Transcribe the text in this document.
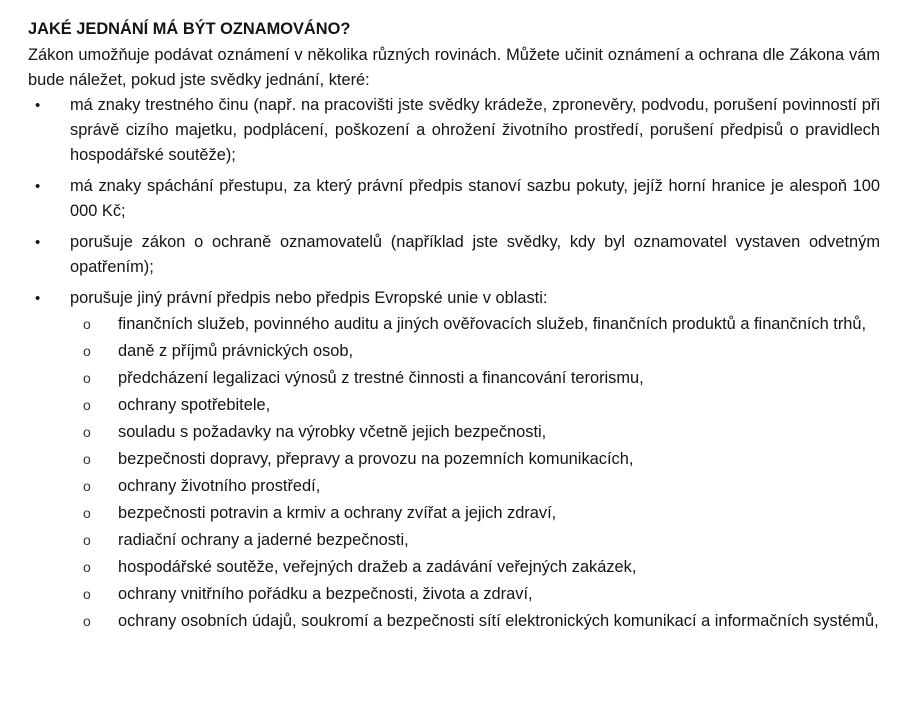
JAKÉ JEDNÁNÍ MÁ BÝT OZNAMOVÁNO?

Zákon umožňuje podávat oznámení v několika různých rovinách. Můžete učinit oznámení a ochrana dle Zákona vám bude náležet, pokud jste svědky jednání, které:

• má znaky trestného činu (např. na pracovišti jste svědky krádeže, zpronevěry, podvodu, porušení povinností při správě cizího majetku, podplácení, poškození a ohrožení životního prostředí, porušení předpisů o pravidlech hospodářské soutěže);
• má znaky spáchání přestupu, za který právní předpis stanoví sazbu pokuty, jejíž horní hranice je alespoň 100 000 Kč;
• porušuje zákon o ochraně oznamovatelů (například jste svědky, kdy byl oznamovatel vystaven odvetným opatřením);
• porušuje jiný právní předpis nebo předpis Evropské unie v oblasti:
o finančních služeb, povinného auditu a jiných ověřovacích služeb, finančních produktů a finančních trhů,
o daně z příjmů právnických osob,
o předcházení legalizaci výnosů z trestné činnosti a financování terorismu,
o ochrany spotřebitele,
o souladu s požadavky na výrobky včetně jejich bezpečnosti,
o bezpečnosti dopravy, přepravy a provozu na pozemních komunikacích,
o ochrany životního prostředí,
o bezpečnosti potravin a krmiv a ochrany zvířat a jejich zdraví,
o radiační ochrany a jaderné bezpečnosti,
o hospodářské soutěže, veřejných dražeb a zadávání veřejných zakázek,
o ochrany vnitřního pořádku a bezpečnosti, života a zdraví,
o ochrany osobních údajů, soukromí a bezpečnosti sítí elektronických komunikací a informačních systémů,
